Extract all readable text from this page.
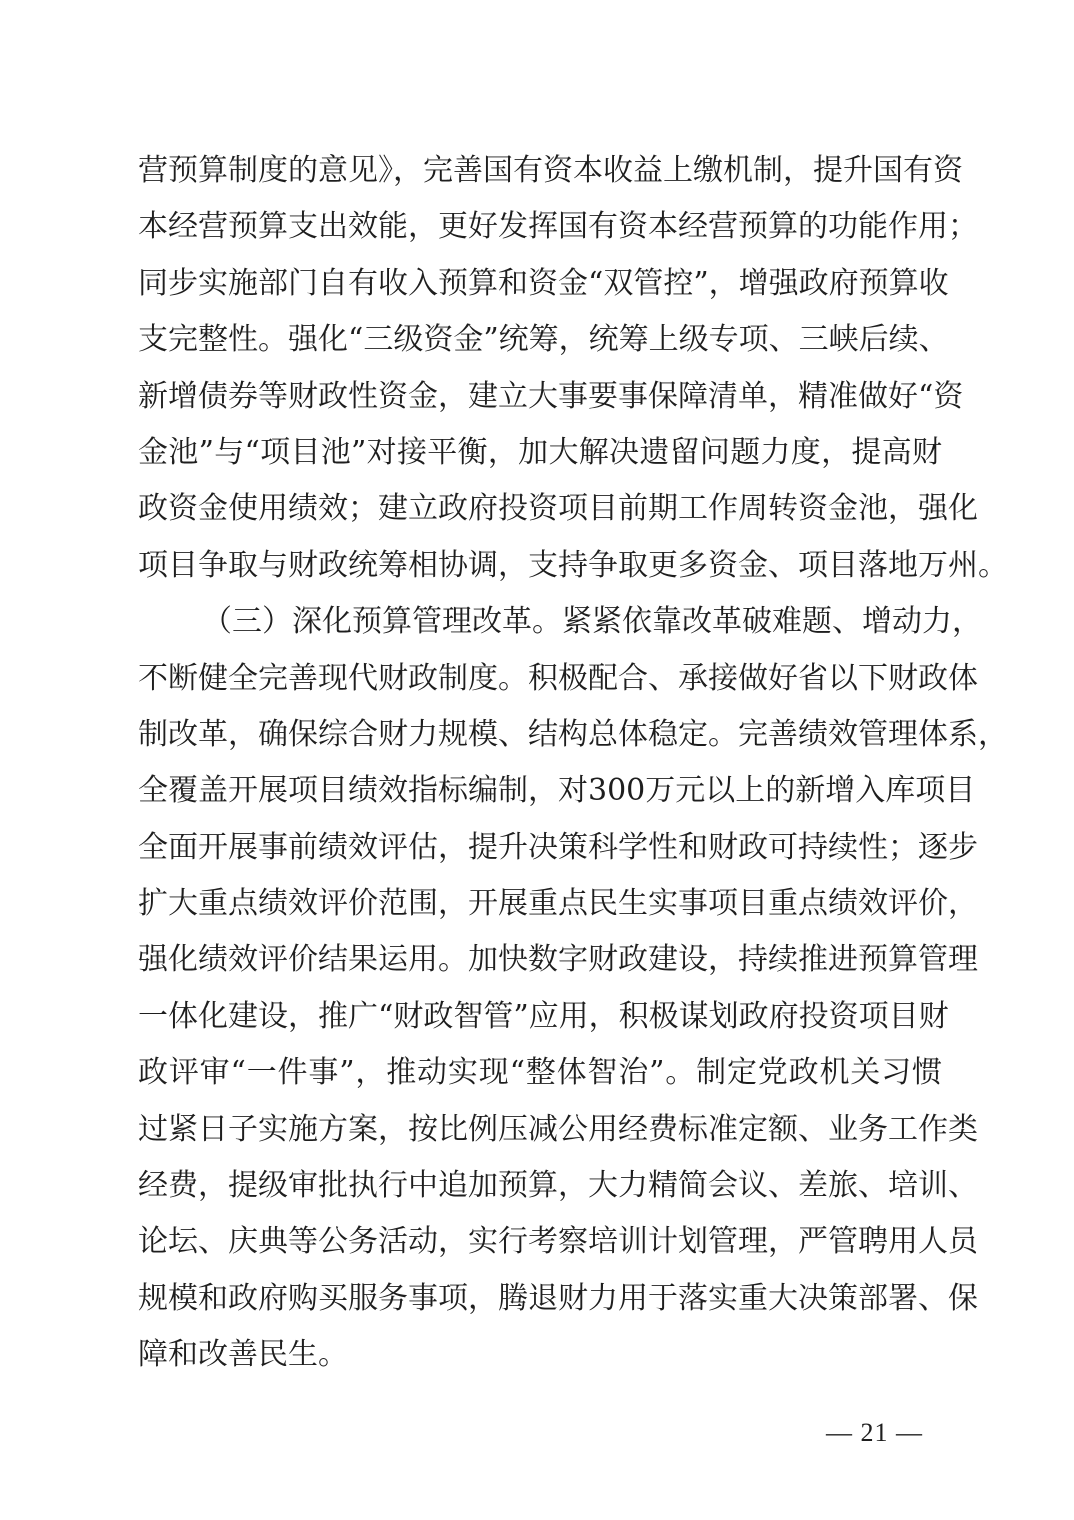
营预算制度的意见》，完善国有资本收益上缴机制，提升国有资
本经营预算支出效能，更好发挥国有资本经营预算的功能作用；
同步实施部门自有收入预算和资金“双管控”，增强政府预算收
支完整性。强化“三级资金”统筹，统筹上级专项、三峡后续、
新增债券等财政性资金，建立大事要事保障清单，精准做好“资
金池”与“项目池”对接平衡，加大解决遗留问题力度，提高财
政资金使用绩效；建立政府投资项目前期工作周转资金池，强化
项目争取与财政统筹相协调，支持争取更多资金、项目落地万州。
（三）深化预算管理改革。紧紧依靠改革破难题、增动力，
不断健全完善现代财政制度。积极配合、承接做好省以下财政体
制改革，确保综合财力规模、结构总体稳定。完善绩效管理体系，
全覆盖开展项目绩效指标编制，对300万元以上的新增入库项目
全面开展事前绩效评估，提升决策科学性和财政可持续性；逐步
扩大重点绩效评价范围，开展重点民生实事项目重点绩效评价，
强化绩效评价结果运用。加快数字财政建设，持续推进预算管理
一体化建设，推广“财政智管”应用，积极谋划政府投资项目财
政评审“一件事”，推动实现“整体智治”。制定党政机关习惯
过紧日子实施方案，按比例压减公用经费标准定额、业务工作类
经费，提级审批执行中追加预算，大力精简会议、差旅、培训、
论坛、庆典等公务活动，实行考察培训计划管理，严管聘用人员
规模和政府购买服务事项，腾退财力用于落实重大决策部署、保
障和改善民生。
— 21 —
